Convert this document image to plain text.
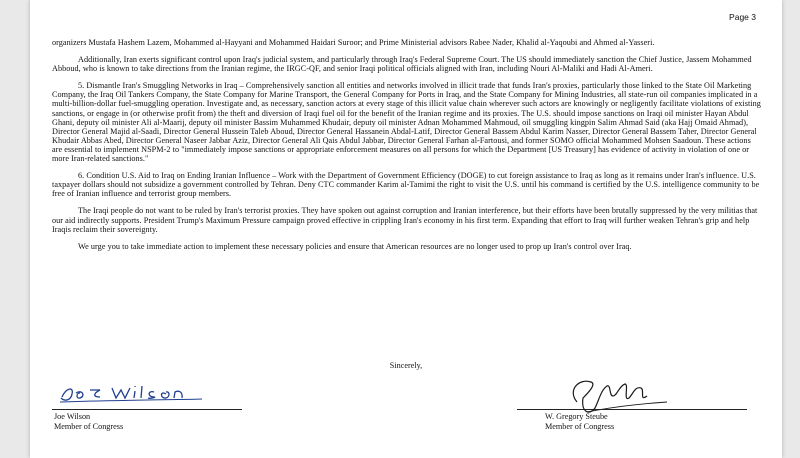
Page 3

organizers Mustafa Hashem Lazem, Mohammed al-Hayyani and Mohammed Haidari Suroor; and Prime Ministerial advisors Rabee Nader, Khalid al-Yaqoubi and Ahmed al-Yasseri.

Additionally, Iran exerts significant control upon Iraq's judicial system, and particularly through Iraq's Federal Supreme Court. The US should immediately sanction the Chief Justice, Jassem Mohammed Abboud, who is known to take directions from the Iranian regime, the IRGC-QF, and senior Iraqi political officials aligned with Iran, including Nouri Al-Maliki and Hadi Al-Ameri.

5. Dismantle Iran's Smuggling Networks in Iraq – Comprehensively sanction all entities and networks involved in illicit trade that funds Iran's proxies, particularly those linked to the State Oil Marketing Company, the Iraq Oil Tankers Company, the State Company for Marine Transport, the General Company for Ports in Iraq, and the State Company for Mining Industries, all state-run oil companies implicated in a multi-billion-dollar fuel-smuggling operation. Investigate and, as necessary, sanction actors at every stage of this illicit value chain wherever such actors are knowingly or negligently facilitate violations of existing sanctions, or engage in (or otherwise profit from) the theft and diversion of Iraqi fuel oil for the benefit of the Iranian regime and its proxies. The U.S. should impose sanctions on Iraqi oil minister Hayan Abdul Ghani, deputy oil minister Ali al-Maarij, deputy oil minister Bassim Muhammed Khudair, deputy oil minister Adnan Mohammed Mahmoud, oil smuggling kingpin Salim Ahmad Said (aka Hajj Omaid Ahmad), Director General Majid al-Saadi, Director General Hussein Taleb Aboud, Director General Hassanein Abdal-Latif, Director General Bassem Abdul Karim Nasser, Director General Bassem Taher, Director General Khudair Abbas Abed, Director General Naseer Jabbar Aziz, Director General Ali Qais Abdul Jabbar, Director General Farhan al-Fartousi, and former SOMO official Mohammed Mohsen Saadoun. These actions are essential to implement NSPM-2 to "immediately impose sanctions or appropriate enforcement measures on all persons for which the Department [US Treasury] has evidence of activity in violation of one or more Iran-related sanctions."

6. Condition U.S. Aid to Iraq on Ending Iranian Influence – Work with the Department of Government Efficiency (DOGE) to cut foreign assistance to Iraq as long as it remains under Iran's influence. U.S. taxpayer dollars should not subsidize a government controlled by Tehran. Deny CTC commander Karim al-Tamimi the right to visit the U.S. until his command is certified by the U.S. intelligence community to be free of Iranian influence and terrorist group members.

The Iraqi people do not want to be ruled by Iran's terrorist proxies. They have spoken out against corruption and Iranian interference, but their efforts have been brutally suppressed by the very militias that our aid indirectly supports. President Trump's Maximum Pressure campaign proved effective in crippling Iran's economy in his first term. Expanding that effort to Iraq will further weaken Tehran's grip and help Iraqis reclaim their sovereignty.

We urge you to take immediate action to implement these necessary policies and ensure that American resources are no longer used to prop up Iran's control over Iraq.

Sincerely,
Joe Wilson
Member of Congress
W. Gregory Steube
Member of Congress
